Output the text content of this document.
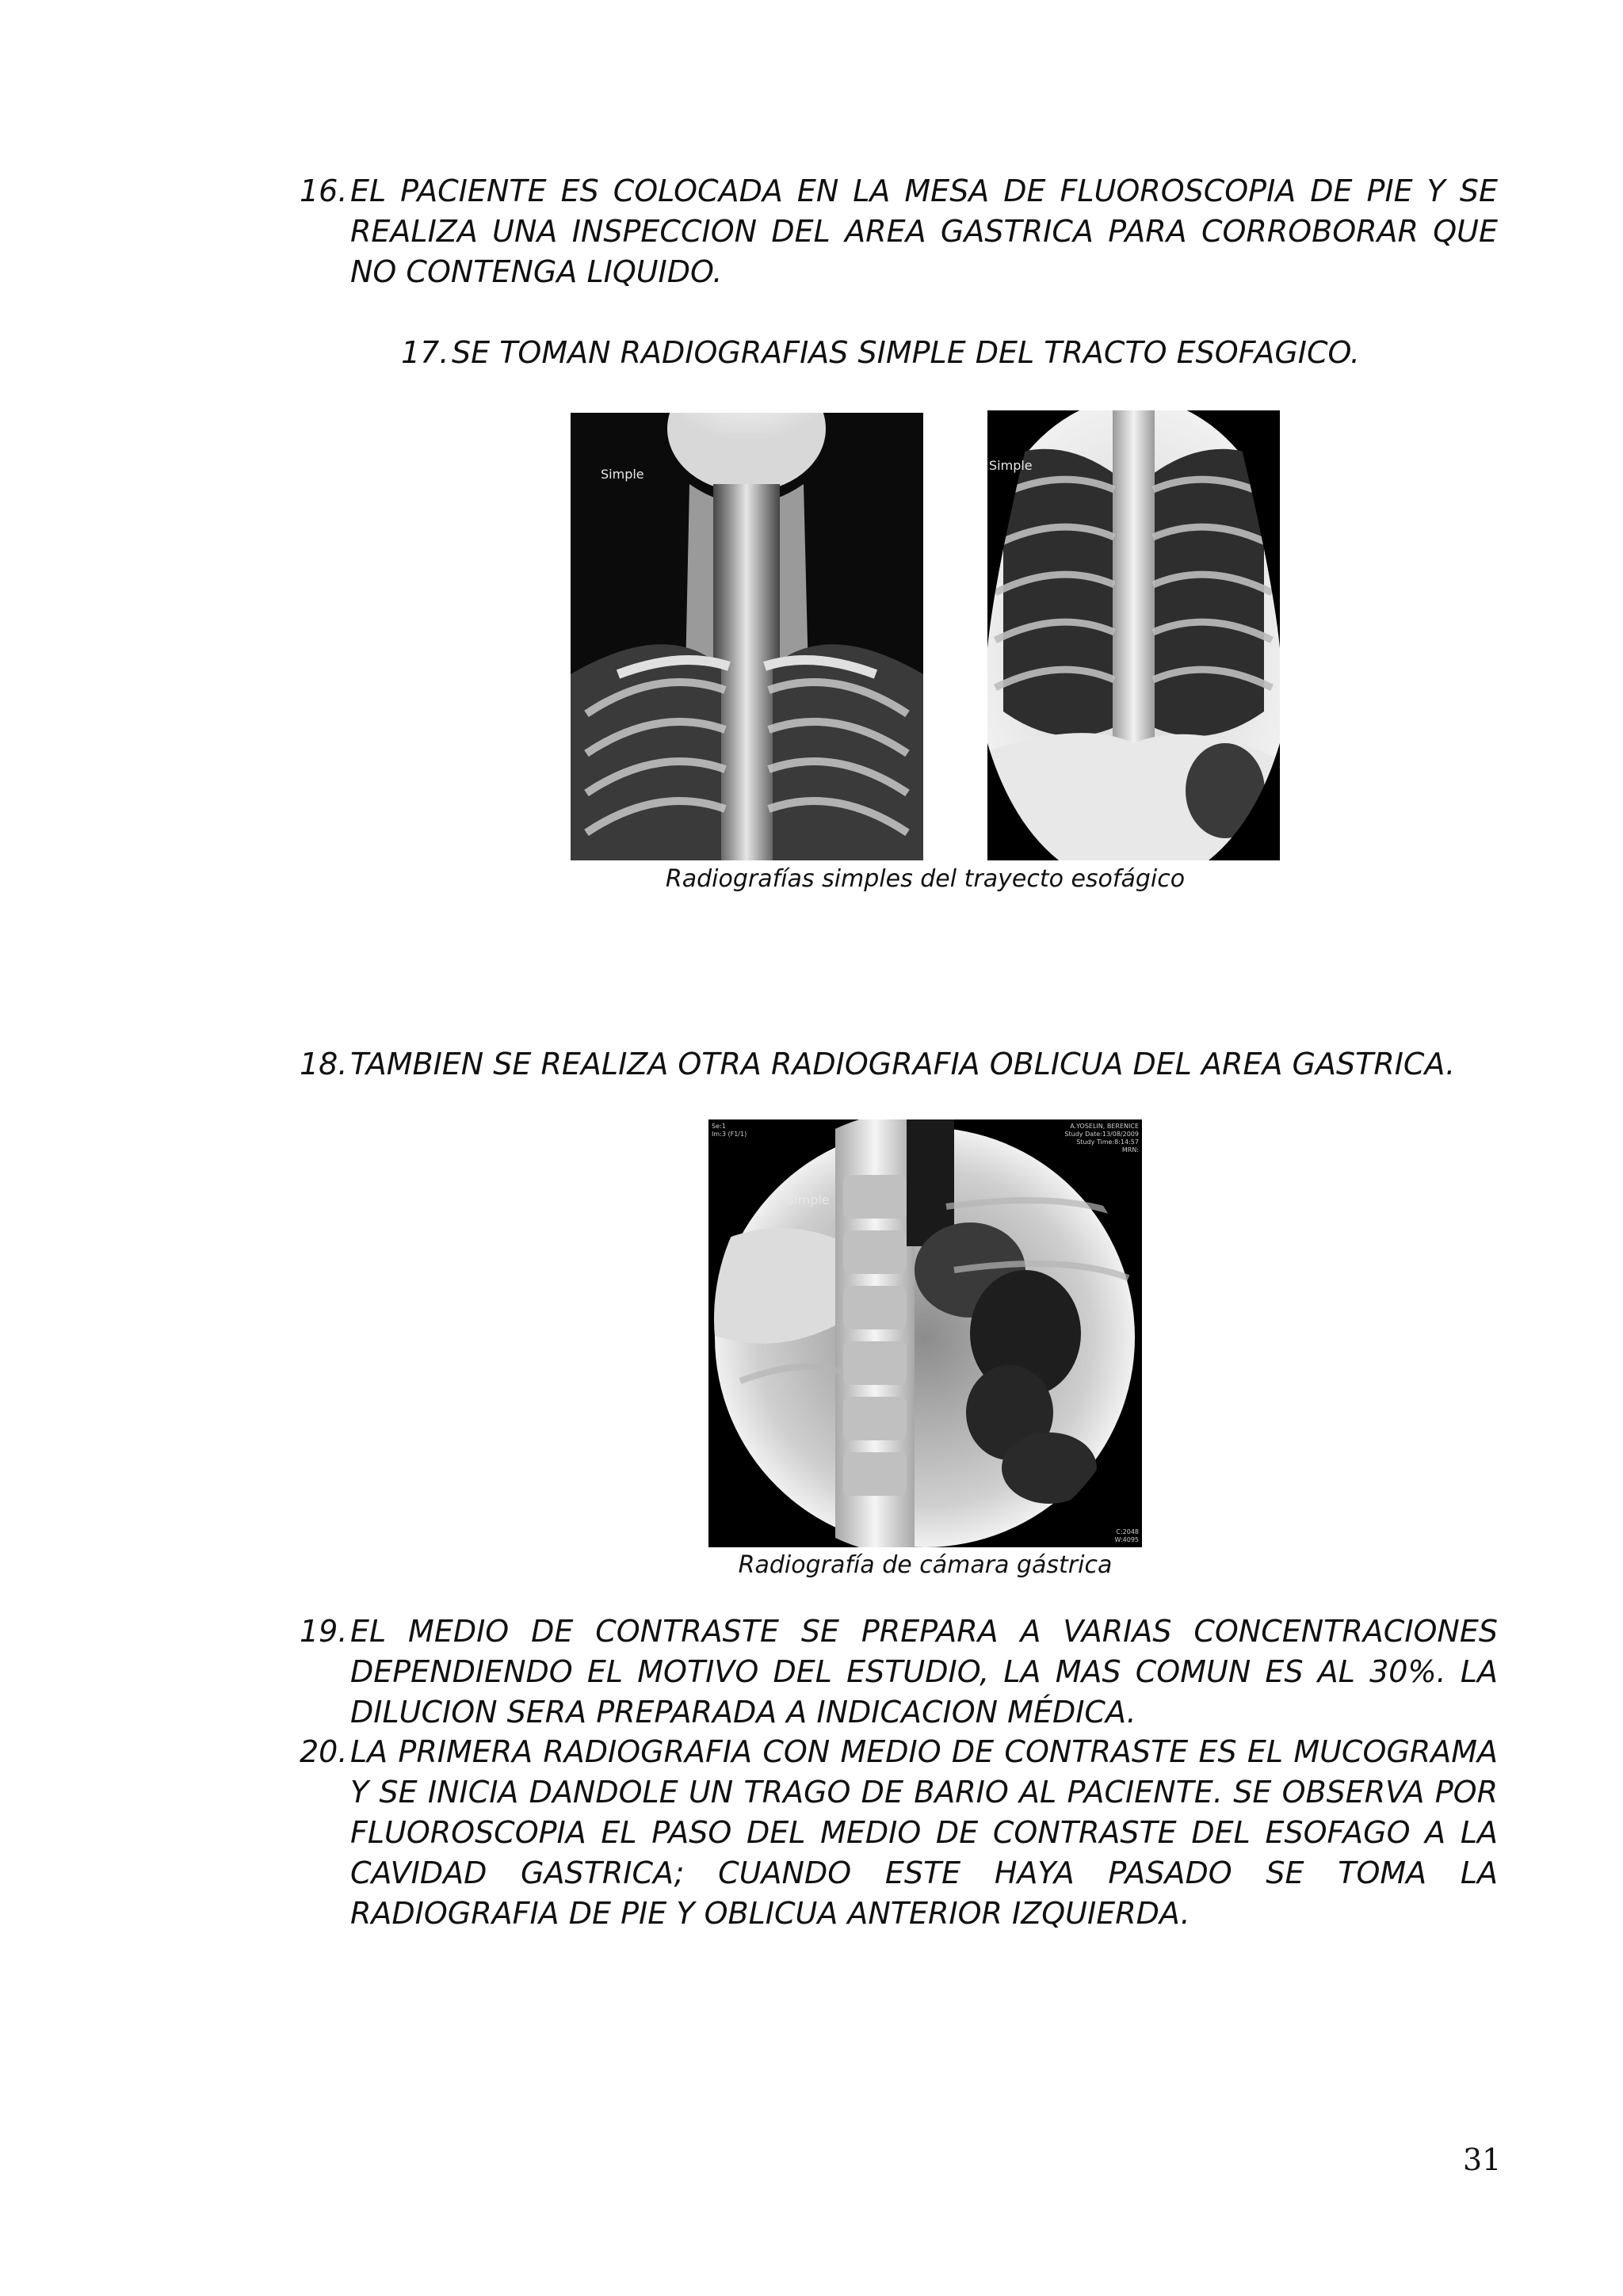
16. EL PACIENTE ES COLOCADA EN LA MESA DE FLUOROSCOPIA DE PIE Y SE REALIZA UNA INSPECCION DEL AREA GASTRICA PARA CORROBORAR QUE NO CONTENGA LIQUIDO.
17. SE TOMAN RADIOGRAFIAS SIMPLE DEL TRACTO ESOFAGICO.
Simple
Simple
Radiografías simples del trayecto esofágico
18. TAMBIEN SE REALIZA OTRA RADIOGRAFIA OBLICUA DEL AREA GASTRICA.
Simple
Se:1
Im:3 (F1/1)
A.YOSELIN, BERENICE
Study Date:13/08/2009
Study Time:8:14:57
MRN:
C:2048
W:4095
Radiografía de cámara gástrica
19. EL MEDIO DE CONTRASTE SE PREPARA A VARIAS CONCENTRACIONES DEPENDIENDO EL MOTIVO DEL ESTUDIO, LA MAS COMUN ES AL 30%. LA DILUCION SERA PREPARADA A INDICACION MÉDICA.
20. LA PRIMERA RADIOGRAFIA CON MEDIO DE CONTRASTE ES EL MUCOGRAMA Y SE INICIA DANDOLE UN TRAGO DE BARIO AL PACIENTE. SE OBSERVA POR FLUOROSCOPIA EL PASO DEL MEDIO DE CONTRASTE DEL ESOFAGO A LA CAVIDAD GASTRICA; CUANDO ESTE HAYA PASADO SE TOMA LA RADIOGRAFIA DE PIE Y OBLICUA ANTERIOR IZQUIERDA.
31
